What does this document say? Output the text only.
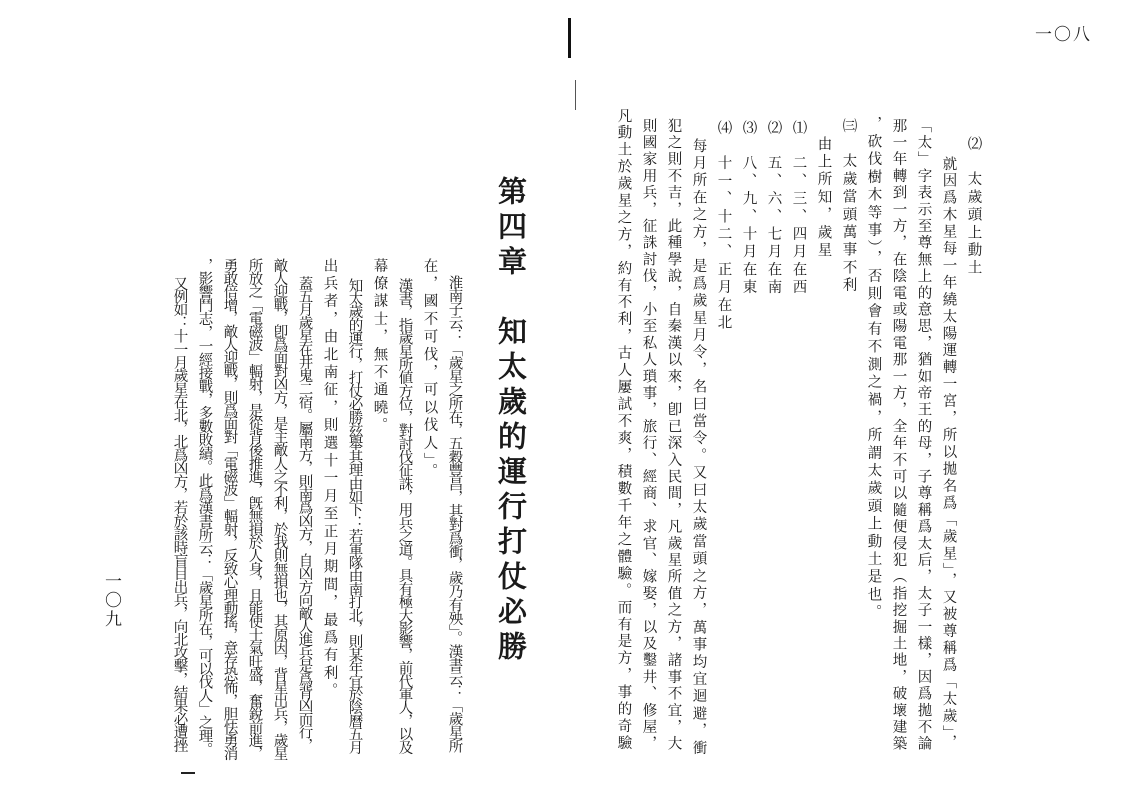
一〇八
⑵　太歲頭上動土
就因爲木星每一年繞太陽運轉一宮，所以拋名爲「歲星」，又被尊稱爲「太歲」，
「太」字表示至尊無上的意思，猶如帝王的母，子尊稱爲太后，太子一樣，因爲拋不論
那一年轉到一方，在陰電或陽電那一方，全年不可以隨便侵犯（指挖掘土地，破壞建築
，砍伐樹木等事），否則會有不測之禍，所謂太歲頭上動土是也。
㈢　太歲當頭萬事不利
由上所知，歲星
⑴　二、三、四月在西
⑵　五、六、七月在南
⑶　八、九、十月在東
⑷　十一、十二、正月在北
每月所在之方，是爲歲星月令，名曰當令。又曰太歲當頭之方，萬事均宜迴避，衝
犯之則不吉，此種學說，自秦漢以來，卽已深入民間，凡歲星所值之方，諸事不宜，大
則國家用兵，征誅討伐，小至私人瑣事，旅行、經商、求官、嫁娶，以及鑿井、修屋，
凡動土於歲星之方，約有不利，古人屢試不爽，積數千年之體驗。而有是方，事的奇驗
第四章　知太歲的運行打仗必勝
淮南子云：「歲星之所在，五穀豐昌，其對爲衝，歲乃有殃」。漢書云：「歲星所
在，國不可伐，可以伐人」。
漢書，指歲星所値方位，對討伐征誅，用兵之道。具有極大影響，前代軍人，以及
幕僚謀士，無不通曉。
知太歲的運行，打仗必勝玆舉其理由如下：若軍隊由南打北，則某年宜於陰曆五月
出兵者，由北南征，則選十一月至正月期間，最爲有利。
蓋五月歲星在井鬼二宿。屬南方，則南爲凶方，自凶方向敵人進兵是爲背凶而行，
敵人迎戰，卽爲面對凶方，是主敵人之不利，於我則無損也，其原因，背星出兵，歲星
所放之「電磁波」輻射，是從背後推進，旣無損於人身，且能使士氣旺盛，奮銳前進，
勇敢倍增，敵人迎戰，則爲面對「電磁波」輻射，反致心理動搖，意存恐怖，胆怯勇消
，影響鬥志，一經接戰，多數敗績。此爲漢書所云：「歲星所在，可以伐人」之理。
又例如：十一月歲星在北，北爲凶方，若於該時盲目出兵，向北攻擊，結果必遭挫
一〇九
